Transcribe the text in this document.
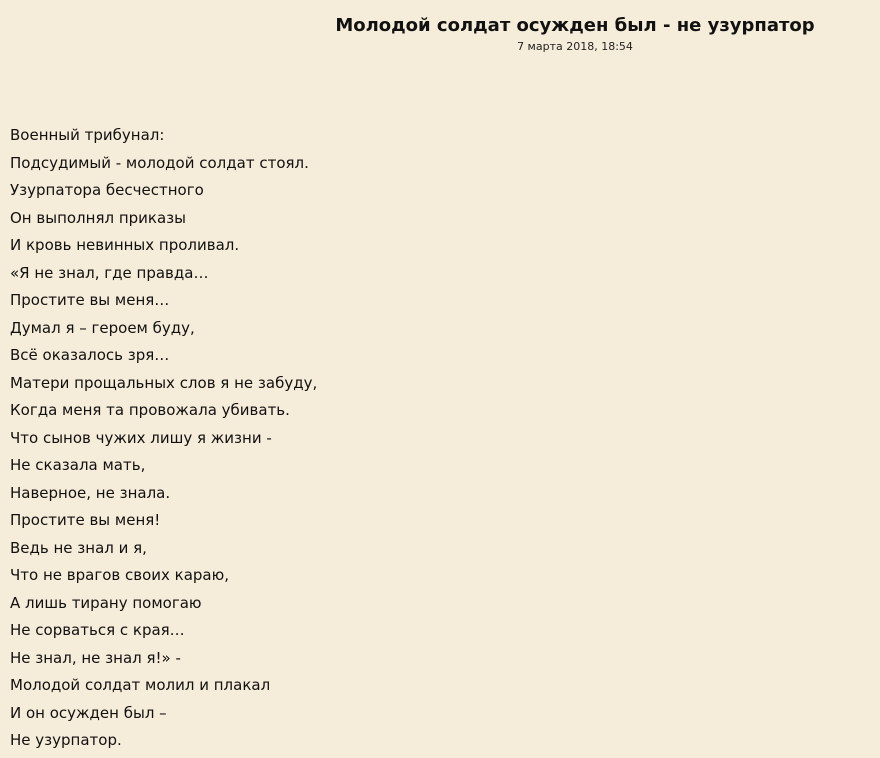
Молодой солдат осужден был - не узурпатор
7 марта 2018, 18:54
Военный трибунал:
Подсудимый - молодой солдат стоял.
Узурпатора бесчестного
Он выполнял приказы
И кровь невинных проливал.
«Я не знал, где правда…
Простите вы меня…
Думал я – героем буду,
Всё оказалось зря…
Матери прощальных слов я не забуду,
Когда меня та провожала убивать.
Что сынов чужих лишу я жизни -
Не сказала мать,
Наверное, не знала.
Простите вы меня!
Ведь не знал и я,
Что не врагов своих караю,
А лишь тирану помогаю
Не сорваться с края…
Не знал, не знал я!» -
Молодой солдат молил и плакал
И он осужден был –
Не узурпатор.
